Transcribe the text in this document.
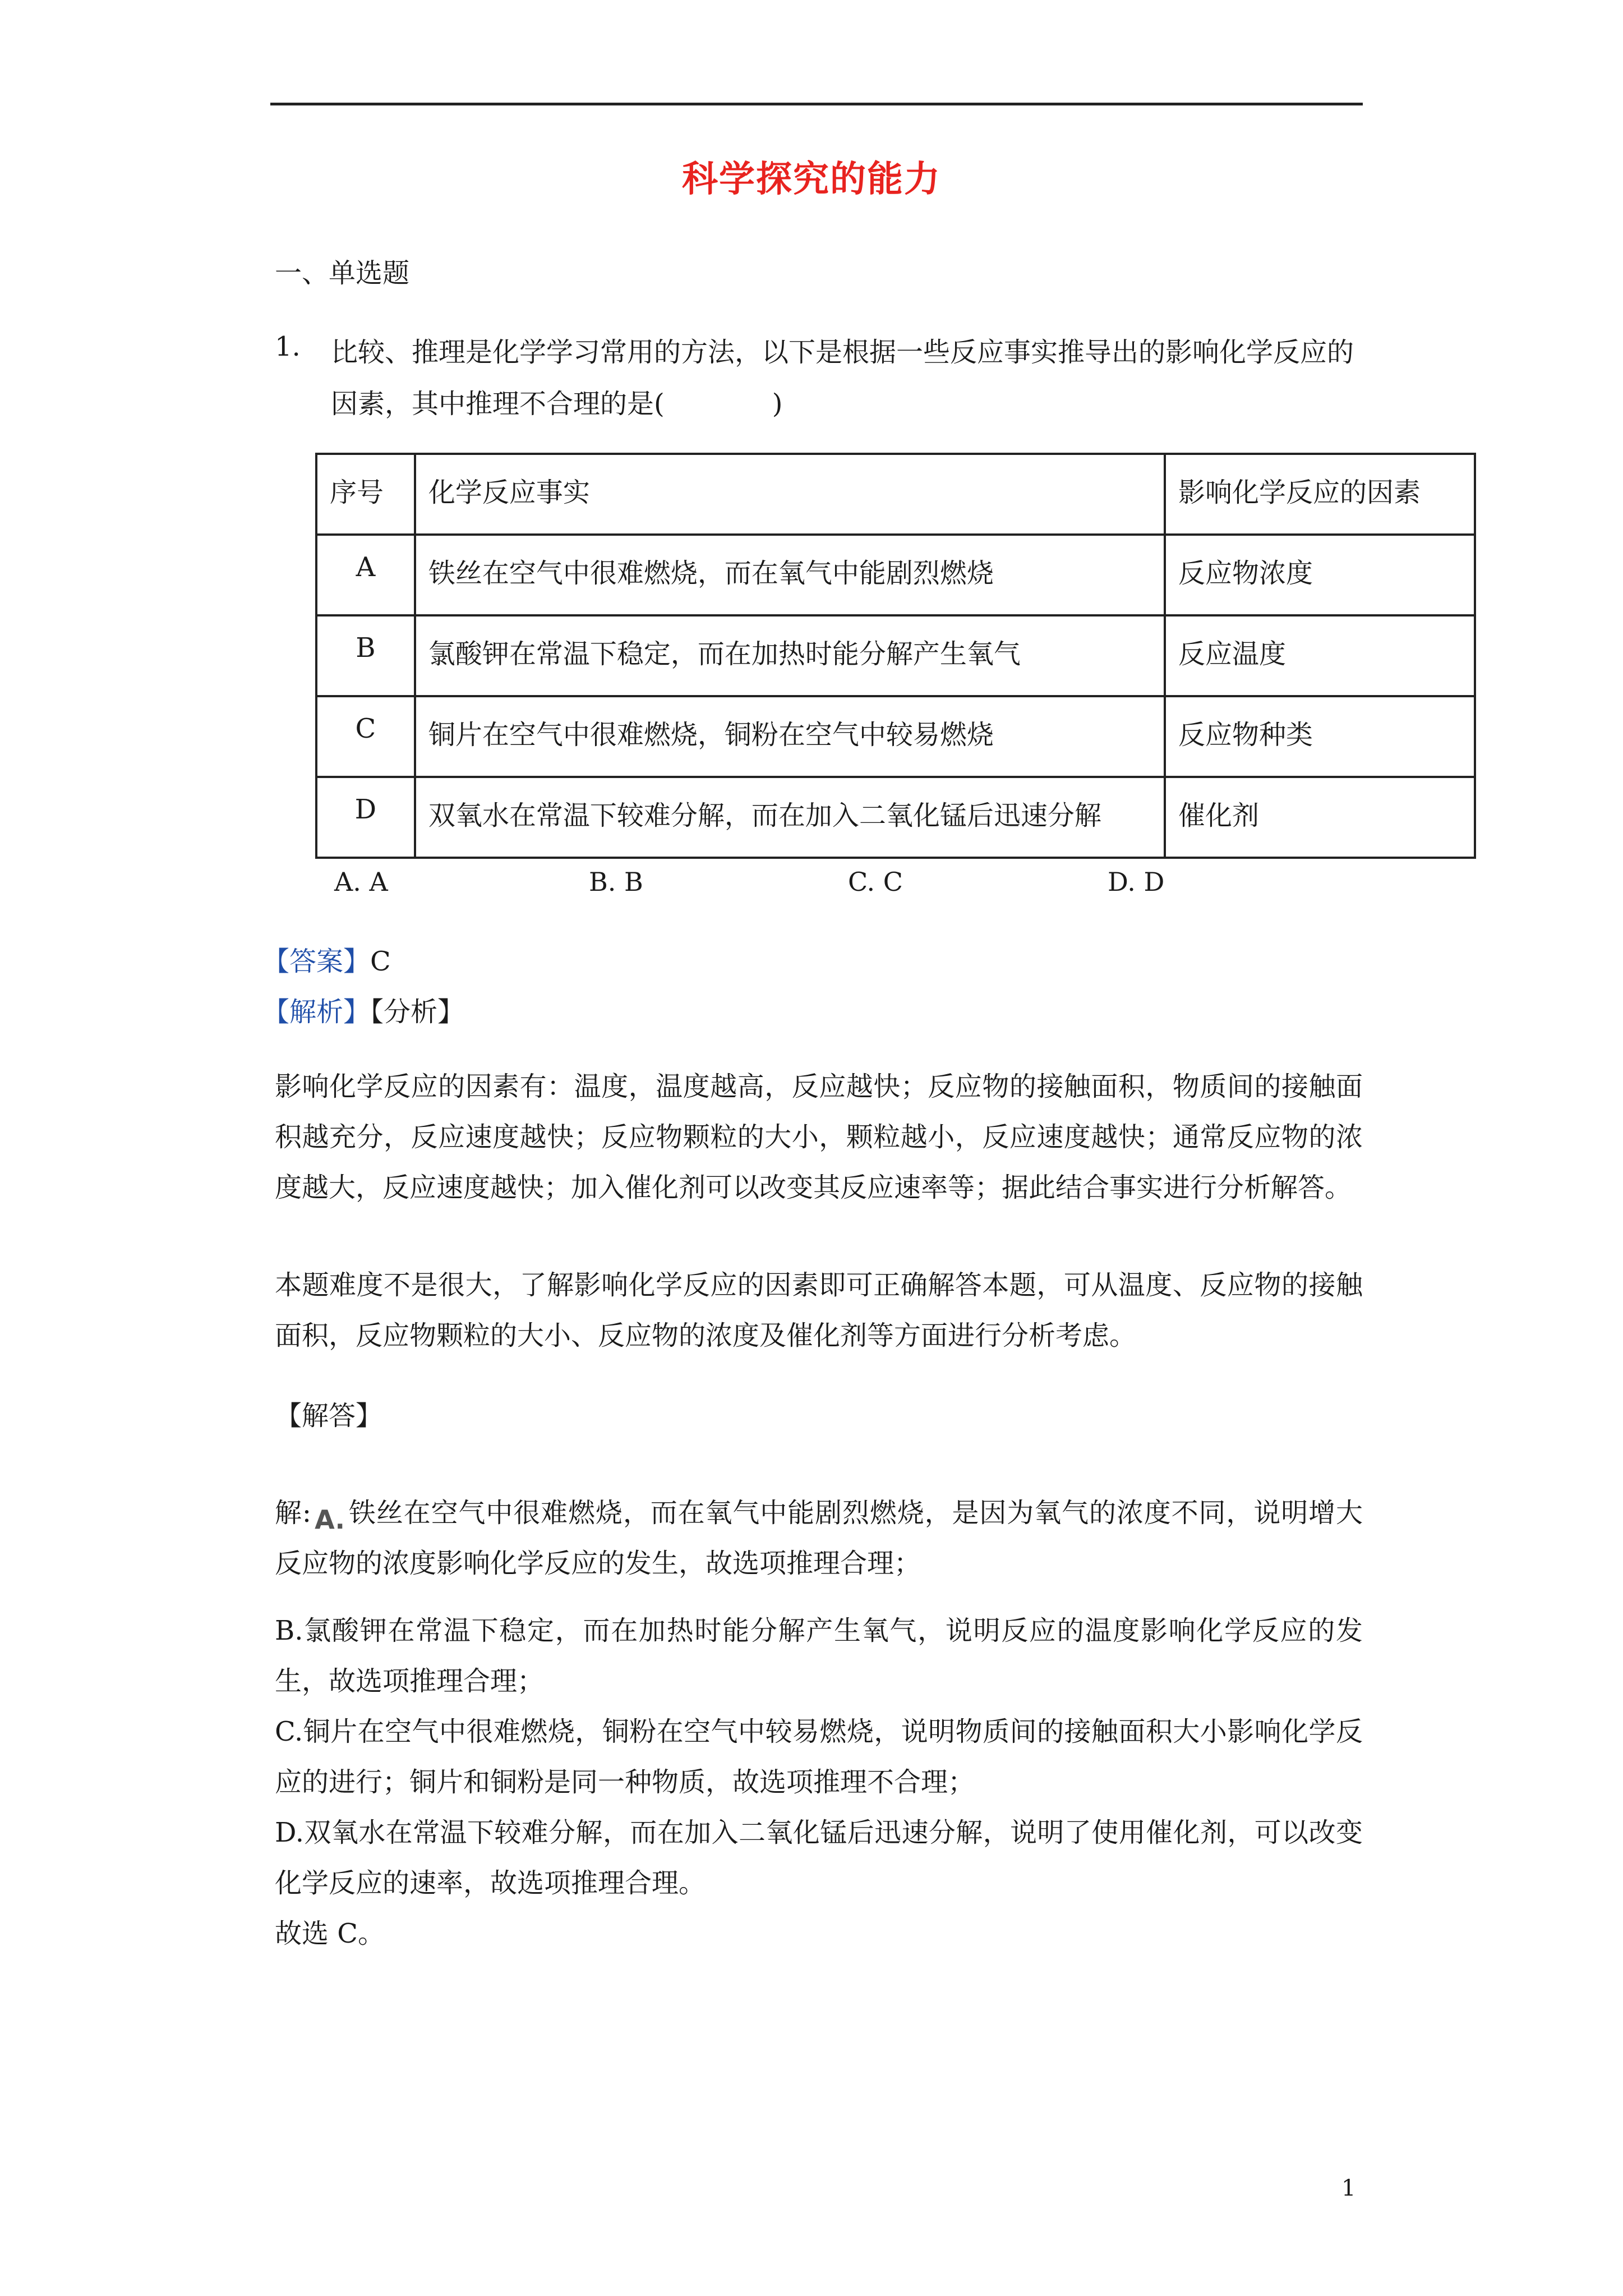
科学探究的能力
一、单选题
1. 比较、推理是化学学习常用的方法，以下是根据一些反应事实推导出的影响化学反应的因素，其中推理不合理的是(　　　　)
序号	化学反应事实	影响化学反应的因素
A	铁丝在空气中很难燃烧，而在氧气中能剧烈燃烧	反应物浓度
B	氯酸钾在常温下稳定，而在加热时能分解产生氧气	反应温度
C	铜片在空气中很难燃烧，铜粉在空气中较易燃烧	反应物种类
D	双氧水在常温下较难分解，而在加入二氧化锰后迅速分解	催化剂
A. A	B. B	C. C	D. D
【答案】C
【解析】【分析】
影响化学反应的因素有：温度，温度越高，反应越快；反应物的接触面积，物质间的接触面积越充分，反应速度越快；反应物颗粒的大小，颗粒越小，反应速度越快；通常反应物的浓度越大，反应速度越快；加入催化剂可以改变其反应速率等；据此结合事实进行分析解答。
本题难度不是很大，了解影响化学反应的因素即可正确解答本题，可从温度、反应物的接触面积，反应物颗粒的大小、反应物的浓度及催化剂等方面进行分析考虑。
【解答】
解: A. 铁丝在空气中很难燃烧，而在氧气中能剧烈燃烧，是因为氧气的浓度不同，说明增大反应物的浓度影响化学反应的发生，故选项推理合理；
B.氯酸钾在常温下稳定，而在加热时能分解产生氧气，说明反应的温度影响化学反应的发生，故选项推理合理；
C.铜片在空气中很难燃烧，铜粉在空气中较易燃烧，说明物质间的接触面积大小影响化学反应的进行；铜片和铜粉是同一种物质，故选项推理不合理；
D.双氧水在常温下较难分解，而在加入二氧化锰后迅速分解，说明了使用催化剂，可以改变化学反应的速率，故选项推理合理。
故选 C。
1
